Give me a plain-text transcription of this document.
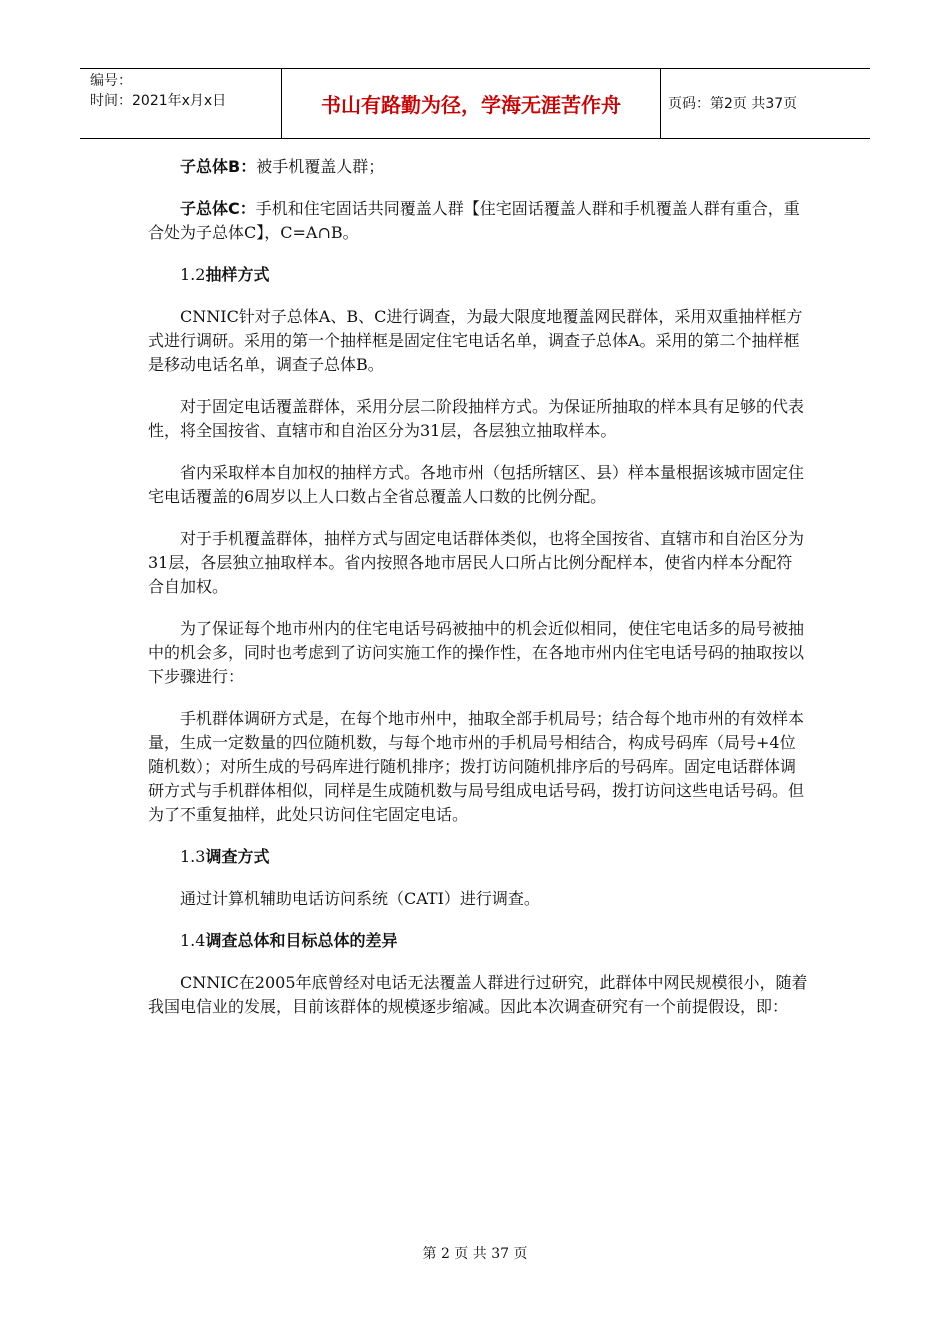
编号：
时间：2021年x月x日	书山有路勤为径，学海无涯苦作舟	页码：第2页 共37页

子总体B：被手机覆盖人群；

子总体C：手机和住宅固话共同覆盖人群【住宅固话覆盖人群和手机覆盖人群有重合，重合处为子总体C】，C=A∩B。

1.2抽样方式

CNNIC针对子总体A、B、C进行调查，为最大限度地覆盖网民群体，采用双重抽样框方式进行调研。采用的第一个抽样框是固定住宅电话名单，调查子总体A。采用的第二个抽样框是移动电话名单，调查子总体B。

对于固定电话覆盖群体，采用分层二阶段抽样方式。为保证所抽取的样本具有足够的代表性，将全国按省、直辖市和自治区分为31层，各层独立抽取样本。

省内采取样本自加权的抽样方式。各地市州（包括所辖区、县）样本量根据该城市固定住宅电话覆盖的6周岁以上人口数占全省总覆盖人口数的比例分配。

对于手机覆盖群体，抽样方式与固定电话群体类似，也将全国按省、直辖市和自治区分为31层，各层独立抽取样本。省内按照各地市居民人口所占比例分配样本，使省内样本分配符合自加权。

为了保证每个地市州内的住宅电话号码被抽中的机会近似相同，使住宅电话多的局号被抽中的机会多，同时也考虑到了访问实施工作的操作性，在各地市州内住宅电话号码的抽取按以下步骤进行：

手机群体调研方式是，在每个地市州中，抽取全部手机局号；结合每个地市州的有效样本量，生成一定数量的四位随机数，与每个地市州的手机局号相结合，构成号码库（局号+4位随机数）；对所生成的号码库进行随机排序；拨打访问随机排序后的号码库。固定电话群体调研方式与手机群体相似，同样是生成随机数与局号组成电话号码，拨打访问这些电话号码。但为了不重复抽样，此处只访问住宅固定电话。

1.3调查方式

通过计算机辅助电话访问系统（CATI）进行调查。

1.4调查总体和目标总体的差异

CNNIC在2005年底曾经对电话无法覆盖人群进行过研究，此群体中网民规模很小，随着我国电信业的发展，目前该群体的规模逐步缩减。因此本次调查研究有一个前提假设，即：

第 2 页 共 37 页
